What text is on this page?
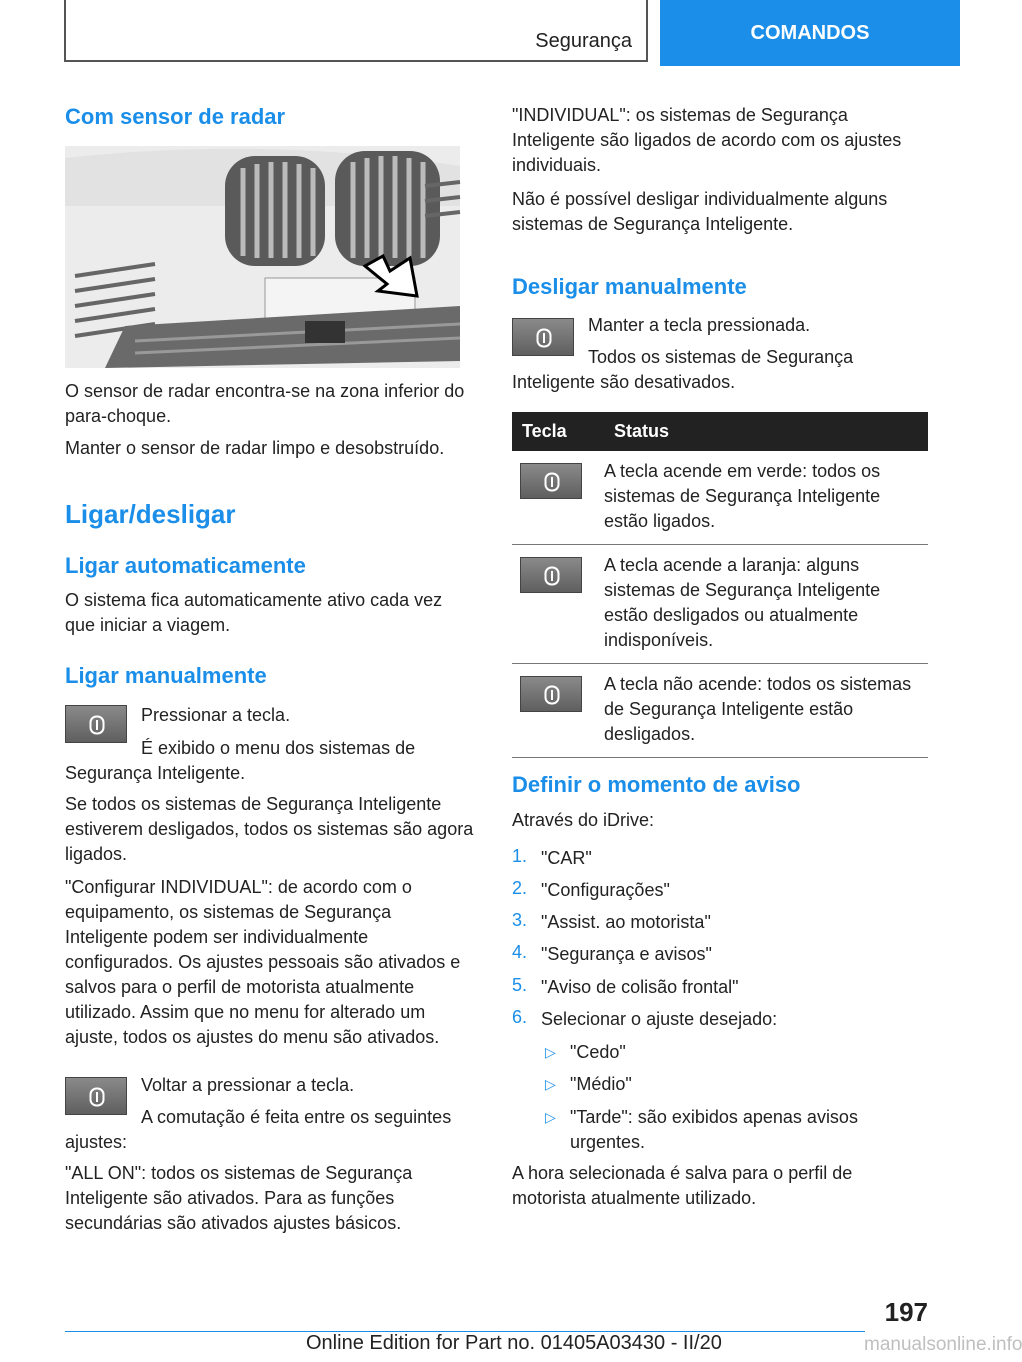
Segurança	COMANDOS
Com sensor de radar

O sensor de radar encontra-se na zona inferior do para-choque.

Manter o sensor de radar limpo e desobstruído.

Ligar/desligar
Ligar automaticamente

O sistema fica automaticamente ativo cada vez que iniciar a viagem.

Ligar manualmente

Pressionar a tecla.

É exibido o menu dos sistemas de Segurança Inteligente.

Se todos os sistemas de Segurança Inteligente estiverem desligados, todos os sistemas são agora ligados.

"Configurar INDIVIDUAL": de acordo com o equipamento, os sistemas de Segurança Inteligente podem ser individualmente configurados. Os ajustes pessoais são ativados e salvos para o perfil de motorista atualmente utilizado. Assim que no menu for alterado um ajuste, todos os ajustes do menu são ativados.

Voltar a pressionar a tecla.

A comutação é feita entre os seguintes ajustes:

"ALL ON": todos os sistemas de Segurança Inteligente são ativados. Para as funções secundárias são ativados ajustes básicos.

"INDIVIDUAL": os sistemas de Segurança Inteligente são ligados de acordo com os ajustes individuais.

Não é possível desligar individualmente alguns sistemas de Segurança Inteligente.

Desligar manualmente

Manter a tecla pressionada.

Todos os sistemas de Segurança Inteligente são desativados.

Tecla	Status

	A tecla acende em verde: todos os sistemas de Segurança Inteligente estão ligados.

	A tecla acende a laranja: alguns sistemas de Segurança Inteligente estão desligados ou atualmente indisponíveis.

	A tecla não acende: todos os sistemas de Segurança Inteligente estão desligados.
Definir o momento de aviso

Através do iDrive:

1. "CAR"

2. "Configurações"

3. "Assist. ao motorista"

4. "Segurança e avisos"

5. "Aviso de colisão frontal"

6. Selecionar o ajuste desejado:

▷ "Cedo"

▷ "Médio"

▷ "Tarde": são exibidos apenas avisos urgentes.

A hora selecionada é salva para o perfil de motorista atualmente utilizado.

197
Online Edition for Part no. 01405A03430 - II/20	manualsonline.info
